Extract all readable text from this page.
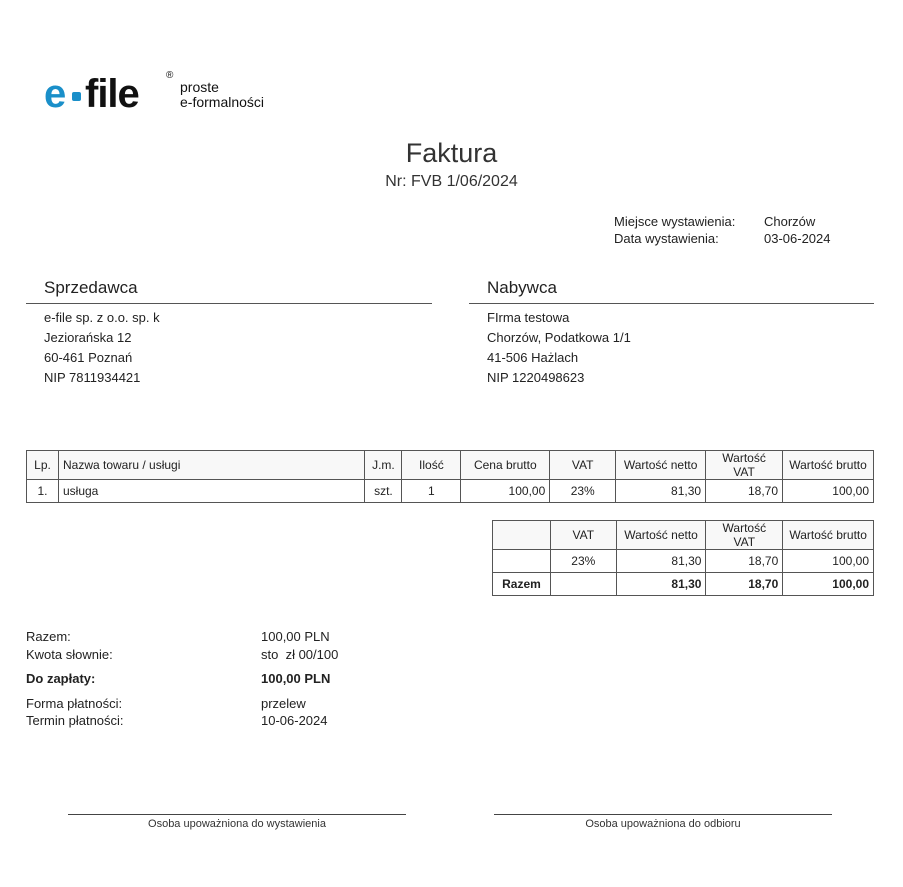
e file	®
proste
e-formalności
Faktura
Nr: FVB 1/06/2024
Miejsce wystawienia: Chorzów
Data wystawienia:	03-06-2024
Sprzedawca
e-file sp. z o.o. sp. k
Jeziorańska 12
60-461 Poznań
NIP 7811934421
Nabywca
FIrma testowa
Chorzów, Podatkowa 1/1
41-506 Hażlach
NIP 1220498623
Lp.	Nazwa towaru / usługi	J.m.	Ilość	Cena brutto	VAT	Wartość netto	Wartość VAT	Wartość brutto
1.	usługa	szt.	1	100,00	23%	81,30	18,70	100,00
	VAT	Wartość netto	Wartość VAT	Wartość brutto
	23%	81,30	18,70	100,00
Razem		81,30	18,70	100,00
Razem:	100,00 PLN
Kwota słownie:	sto  zł 00/100
Do zapłaty:	100,00 PLN
Forma płatności:	przelew
Termin płatności:	10-06-2024
Osoba upoważniona do wystawienia	Osoba upoważniona do odbioru
